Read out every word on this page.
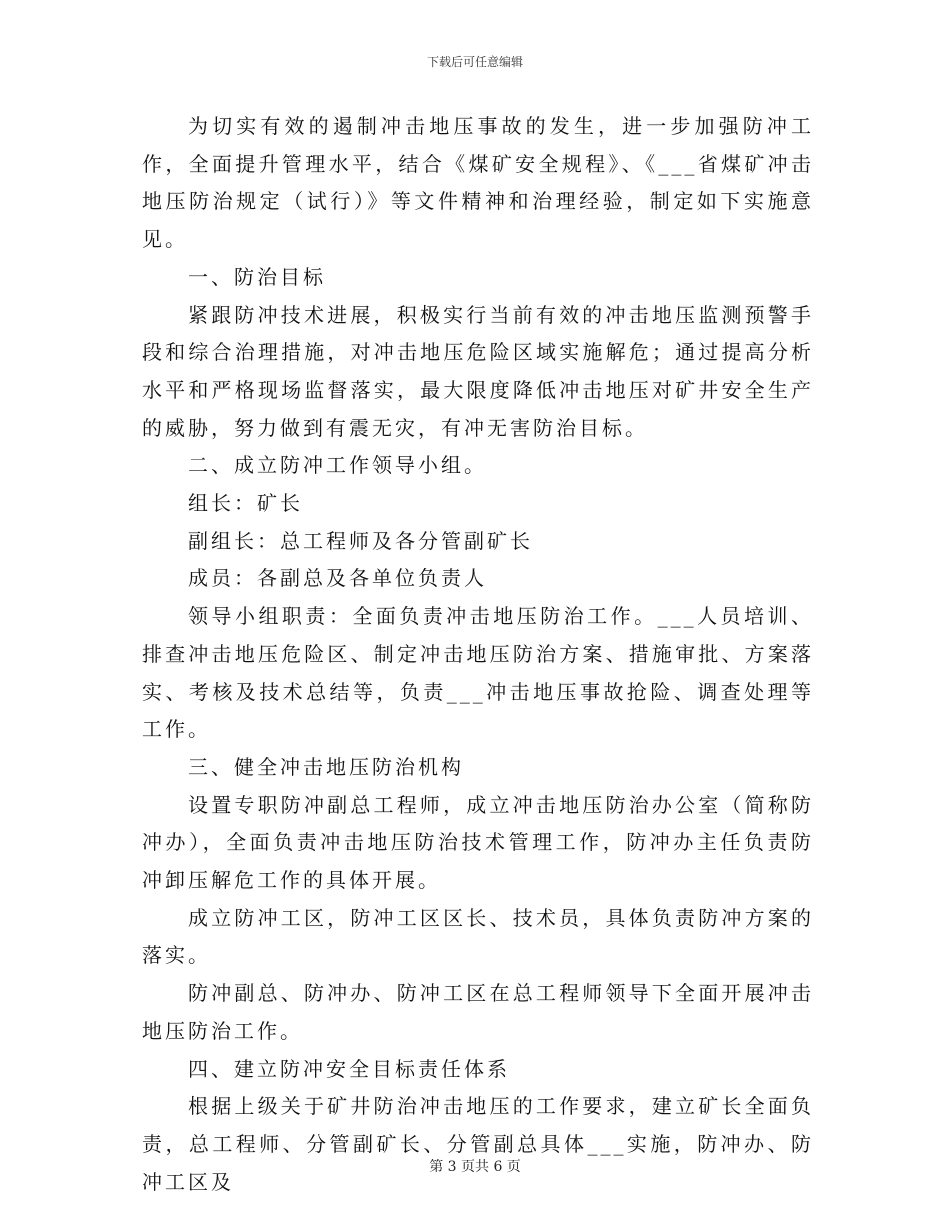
下载后可任意编辑

为切实有效的遏制冲击地压事故的发生，进一步加强防冲工作，全面提升管理水平，结合《煤矿安全规程》、《___省煤矿冲击地压防治规定（试行）》等文件精神和治理经验，制定如下实施意见。

一、防治目标

紧跟防冲技术进展，积极实行当前有效的冲击地压监测预警手段和综合治理措施，对冲击地压危险区域实施解危；通过提高分析水平和严格现场监督落实，最大限度降低冲击地压对矿井安全生产的威胁，努力做到有震无灾，有冲无害防治目标。

二、成立防冲工作领导小组。

组长：矿长

副组长：总工程师及各分管副矿长

成员：各副总及各单位负责人

领导小组职责：全面负责冲击地压防治工作。___人员培训、排查冲击地压危险区、制定冲击地压防治方案、措施审批、方案落实、考核及技术总结等，负责___冲击地压事故抢险、调查处理等工作。

三、健全冲击地压防治机构

设置专职防冲副总工程师，成立冲击地压防治办公室（简称防冲办），全面负责冲击地压防治技术管理工作，防冲办主任负责防冲卸压解危工作的具体开展。

成立防冲工区，防冲工区区长、技术员，具体负责防冲方案的落实。

防冲副总、防冲办、防冲工区在总工程师领导下全面开展冲击地压防治工作。

四、建立防冲安全目标责任体系

根据上级关于矿井防治冲击地压的工作要求，建立矿长全面负责，总工程师、分管副矿长、分管副总具体___实施，防冲办、防冲工区及

第 3 页共 6 页
